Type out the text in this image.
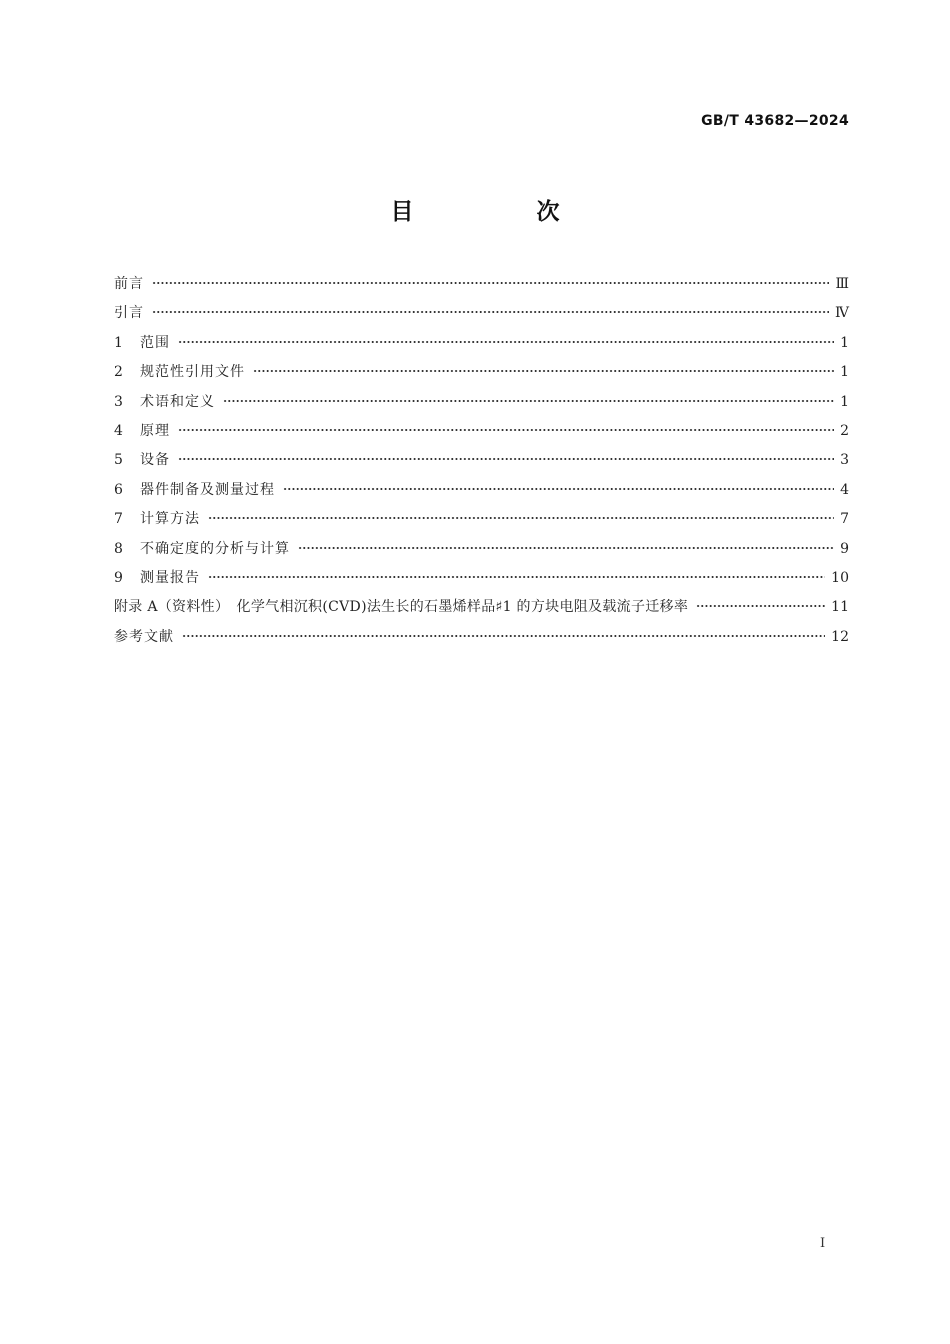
GB/T 43682—2024
目　次
前言	Ⅲ
引言	Ⅳ
1	范围	1
2	规范性引用文件	1
3	术语和定义	1
4	原理	2
5	设备	3
6	器件制备及测量过程	4
7	计算方法	7
8	不确定度的分析与计算	9
9	测量报告	10
附录 A（资料性）　化学气相沉积(CVD)法生长的石墨烯样品♯1 的方块电阻及载流子迁移率	11
参考文献	12
Ⅰ
